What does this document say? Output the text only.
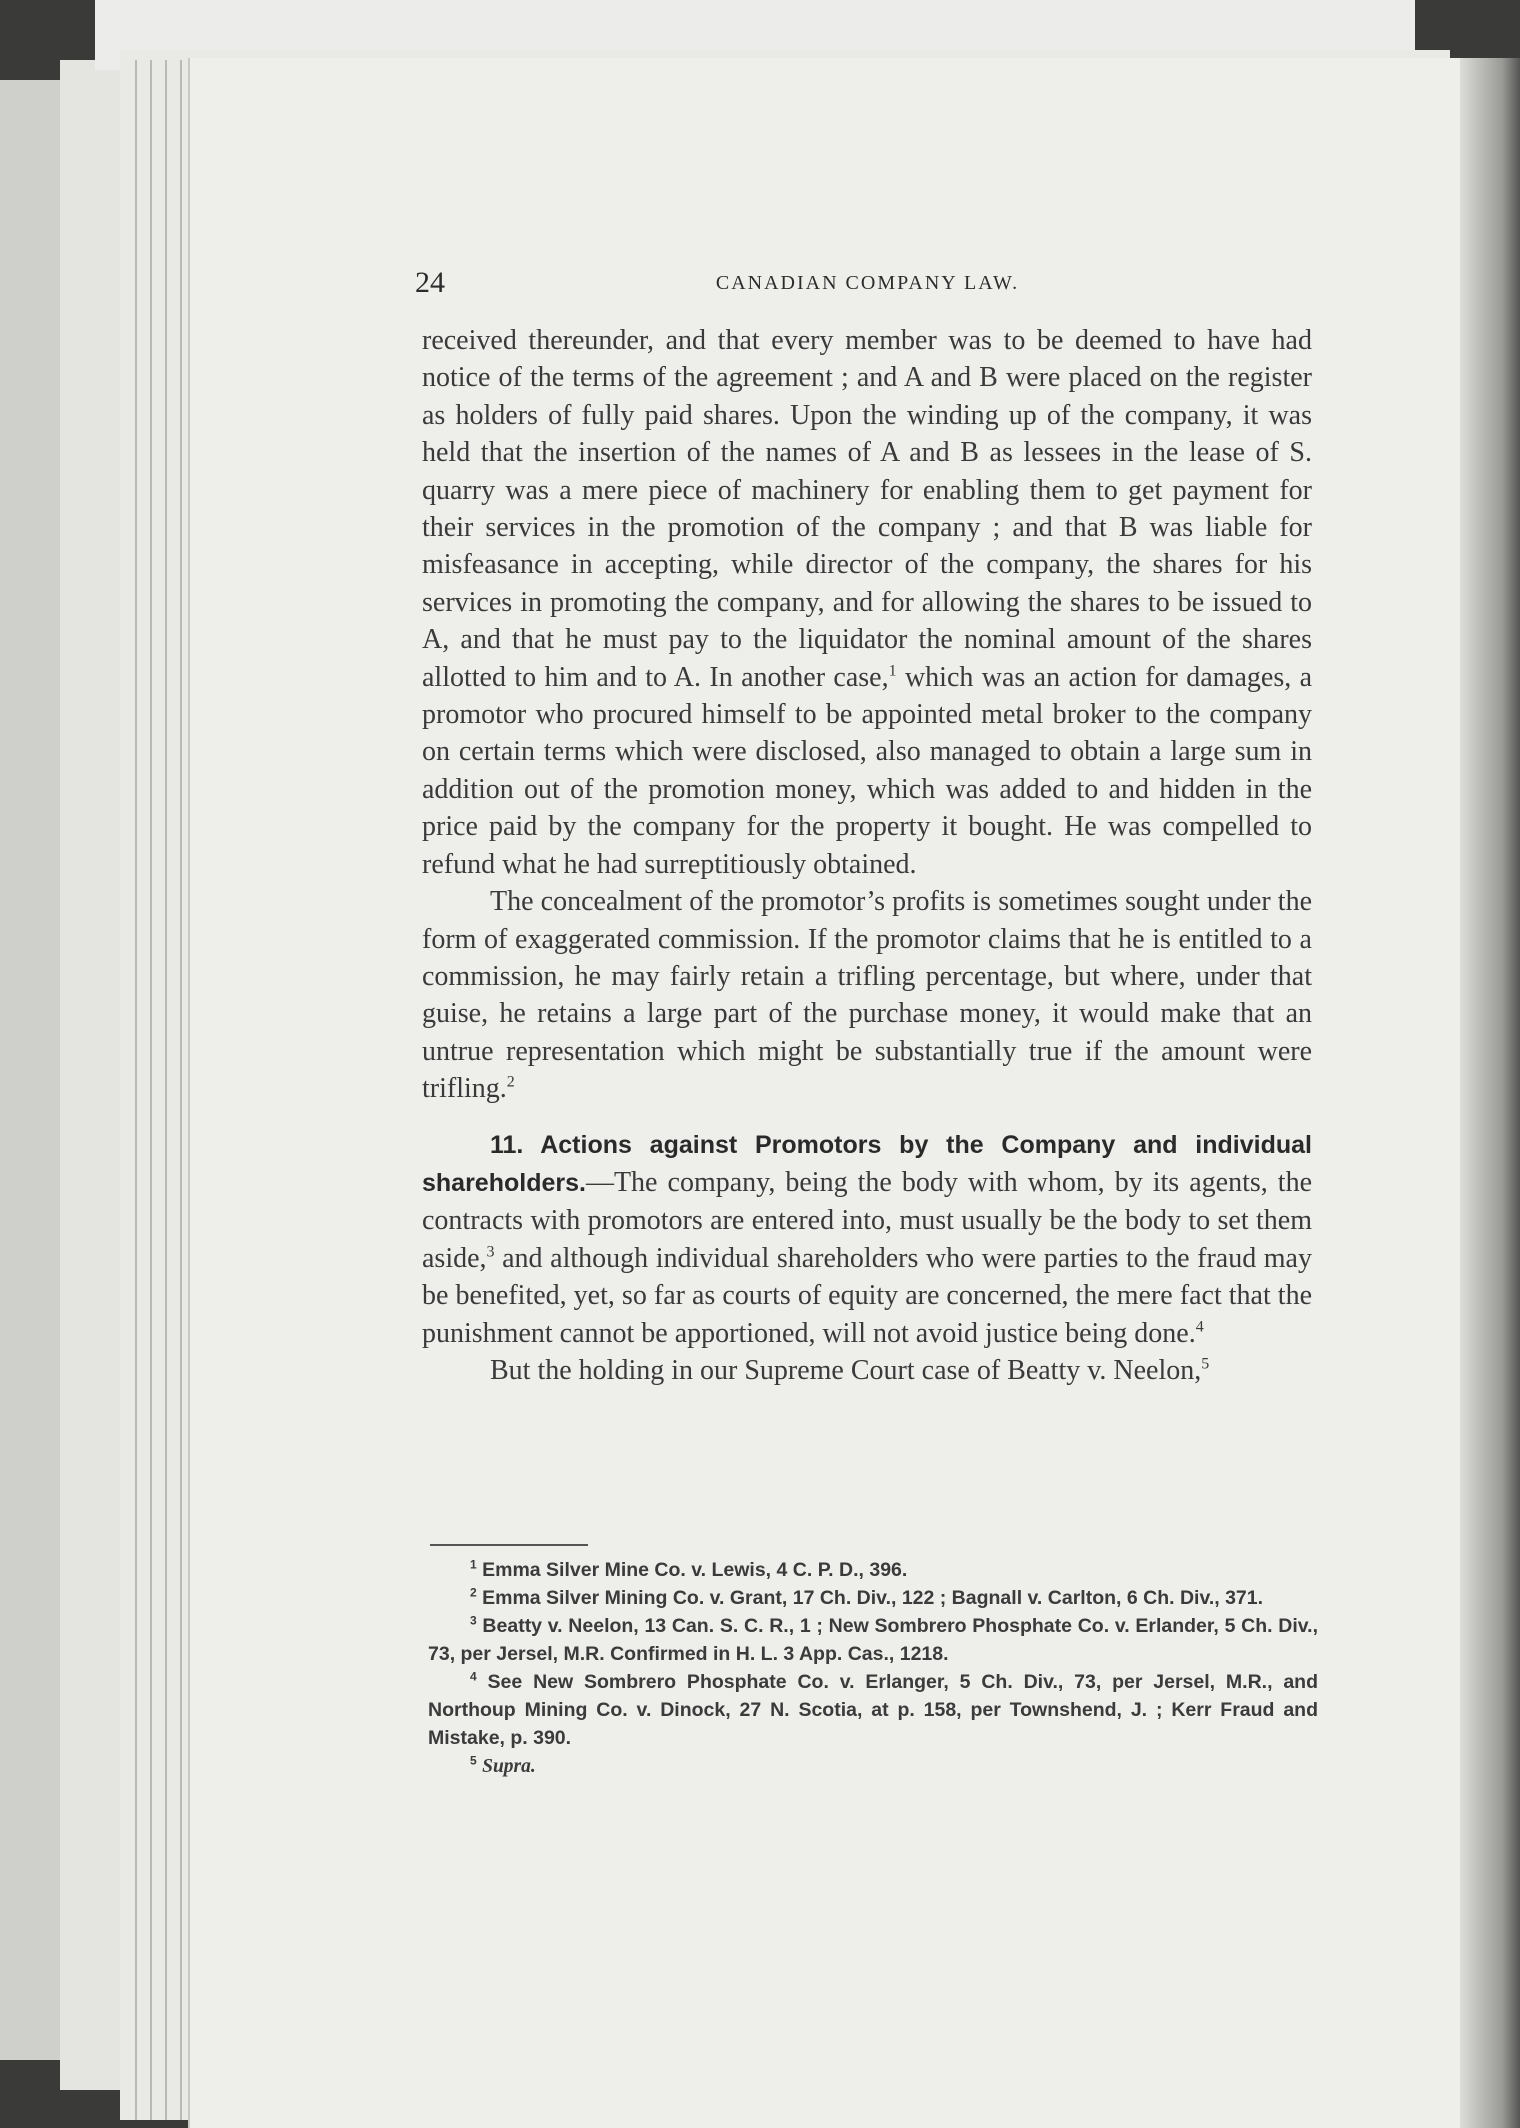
24	CANADIAN COMPANY LAW.

received thereunder, and that every member was to be deemed to have had notice of the terms of the agreement ; and A and B were placed on the register as holders of fully paid shares. Upon the winding up of the company, it was held that the insertion of the names of A and B as lessees in the lease of S. quarry was a mere piece of machinery for enabling them to get payment for their services in the promotion of the company ; and that B was liable for misfeasance in accepting, while director of the company, the shares for his services in promoting the company, and for allowing the shares to be issued to A, and that he must pay to the liquidator the nominal amount of the shares allotted to him and to A. In another case,$^1$ which was an action for damages, a promotor who procured himself to be appointed metal broker to the company on certain terms which were disclosed, also managed to obtain a large sum in addition out of the promotion money, which was added to and hidden in the price paid by the company for the property it bought. He was compelled to refund what he had surreptitiously obtained.

The concealment of the promotor’s profits is sometimes sought under the form of exaggerated commission. If the promotor claims that he is entitled to a commission, he may fairly retain a trifling percentage, but where, under that guise, he retains a large part of the purchase money, it would make that an untrue representation which might be substantially true if the amount were trifling.$^2$

11. Actions against Promotors by the Company and individual shareholders.—The company, being the body with whom, by its agents, the contracts with promotors are entered into, must usually be the body to set them aside,$^3$ and although individual shareholders who were parties to the fraud may be benefited, yet, so far as courts of equity are concerned, the mere fact that the punishment cannot be apportioned, will not avoid justice being done.$^4$

But the holding in our Supreme Court case of Beatty v. Neelon,$^5$

$^1$ Emma Silver Mine Co. v. Lewis, 4 C. P. D., 396.

$^2$ Emma Silver Mining Co. v. Grant, 17 Ch. Div., 122 ; Bagnall v. Carlton, 6 Ch. Div., 371.

$^3$ Beatty v. Neelon, 13 Can. S. C. R., 1 ; New Sombrero Phosphate Co. v. Erlander, 5 Ch. Div., 73, per Jersel, M.R. Confirmed in H. L. 3 App. Cas., 1218.

$^4$ See New Sombrero Phosphate Co. v. Erlanger, 5 Ch. Div., 73, per Jersel, M.R., and Northoup Mining Co. v. Dinock, 27 N. Scotia, at p. 158, per Townshend, J. ; Kerr Fraud and Mistake, p. 390.

$^5$ Supra.
